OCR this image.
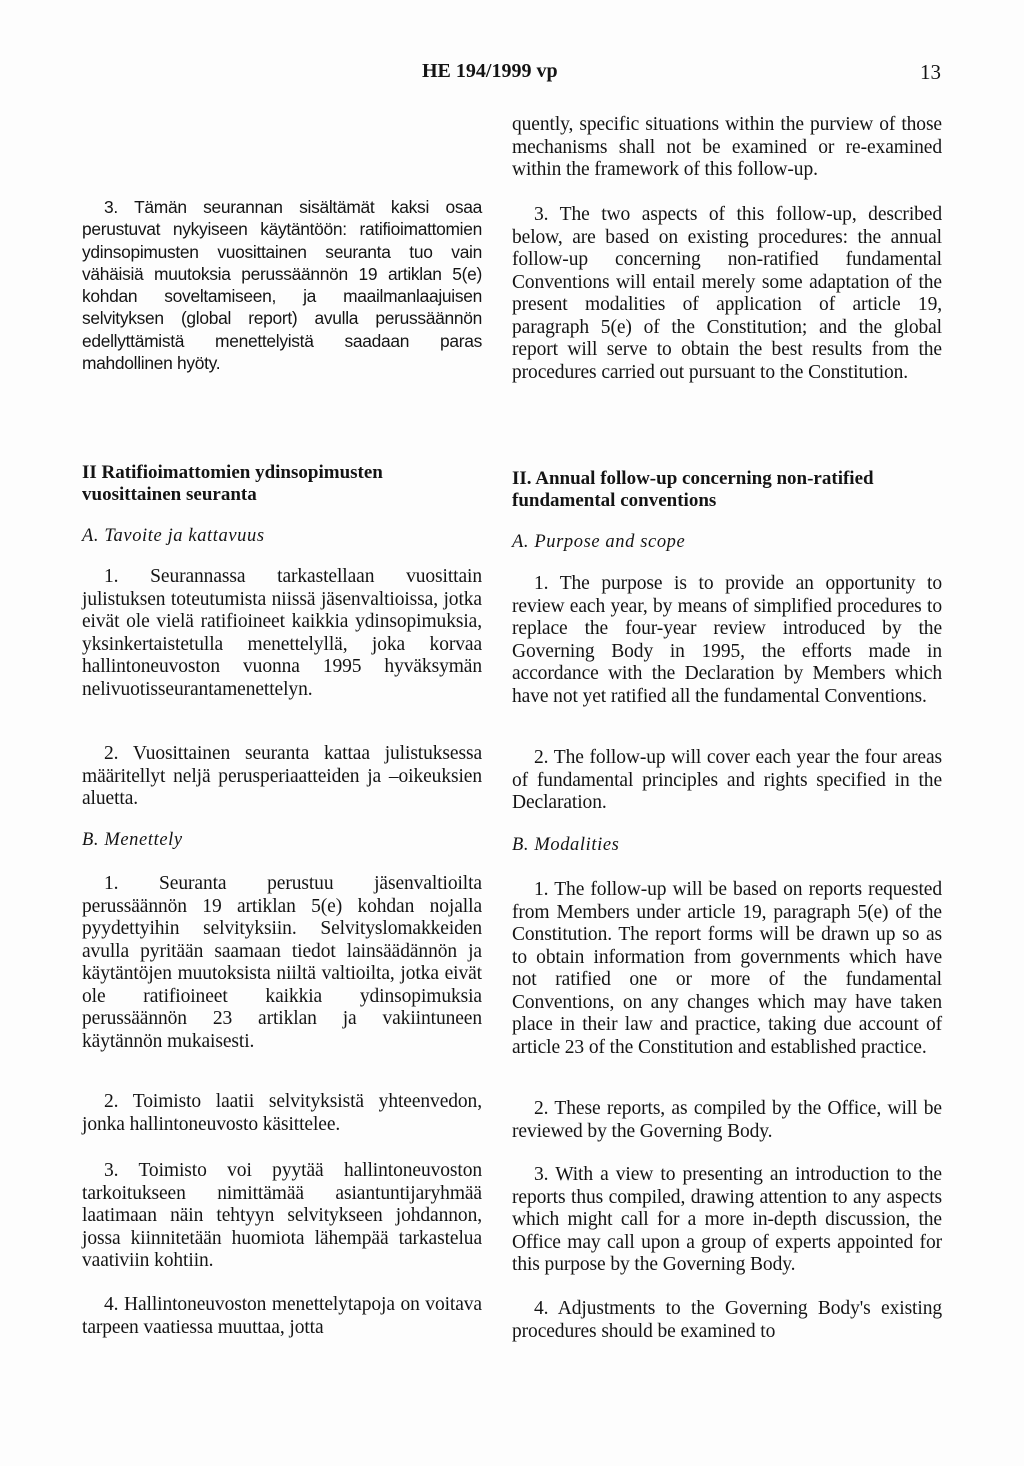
HE 194/1999 vp	13

3. Tämän seurannan sisältämät kaksi osaa perustuvat nykyiseen käytäntöön: ratifioimattomien ydinsopimusten vuosittainen seuranta tuo vain vähäisiä muutoksia perussäännön 19 artiklan 5(e) kohdan soveltamiseen, ja maailmanlaajuisen selvityksen (global report) avulla perussäännön edellyttämistä menettelyistä saadaan paras mahdollinen hyöty.

II Ratifioimattomien ydinsopimusten vuosittainen seuranta

A. Tavoite ja kattavuus

1. Seurannassa tarkastellaan vuosittain julistuksen toteutumista niissä jäsenvaltioissa, jotka eivät ole vielä ratifioineet kaikkia ydinsopimuksia, yksinkertaistetulla menettelyllä, joka korvaa hallintoneuvoston vuonna 1995 hyväksymän nelivuotisseurantamenettelyn.

2. Vuosittainen seuranta kattaa julistuksessa määritellyt neljä perusperiaatteiden ja –oikeuksien aluetta.

B. Menettely

1. Seuranta perustuu jäsenvaltioilta perussäännön 19 artiklan 5(e) kohdan nojalla pyydettyihin selvityksiin. Selvityslomakkeiden avulla pyritään saamaan tiedot lainsäädännön ja käytäntöjen muutoksista niiltä valtioilta, jotka eivät ole ratifioineet kaikkia ydinsopimuksia perussäännön 23 artiklan ja vakiintuneen käytännön mukaisesti.

2. Toimisto laatii selvityksistä yhteenvedon, jonka hallintoneuvosto käsittelee.

3. Toimisto voi pyytää hallintoneuvoston tarkoitukseen nimittämää asiantuntijaryhmää laatimaan näin tehtyyn selvitykseen johdannon, jossa kiinnitetään huomiota lähempää tarkastelua vaativiin kohtiin.

4. Hallintoneuvoston menettelytapoja on voitava tarpeen vaatiessa muuttaa, jotta

quently, specific situations within the purview of those mechanisms shall not be examined or re-examined within the framework of this follow-up.

3. The two aspects of this follow-up, described below, are based on existing procedures: the annual follow-up concerning non-ratified fundamental Conventions will entail merely some adaptation of the present modalities of application of article 19, paragraph 5(e) of the Constitution; and the global report will serve to obtain the best results from the procedures carried out pursuant to the Constitution.

II. Annual follow-up concerning non-ratified fundamental conventions

A. Purpose and scope

1. The purpose is to provide an opportunity to review each year, by means of simplified procedures to replace the four-year review introduced by the Governing Body in 1995, the efforts made in accordance with the Declaration by Members which have not yet ratified all the fundamental Conventions.

2. The follow-up will cover each year the four areas of fundamental principles and rights specified in the Declaration.

B. Modalities

1. The follow-up will be based on reports requested from Members under article 19, paragraph 5(e) of the Constitution. The report forms will be drawn up so as to obtain information from governments which have not ratified one or more of the fundamental Conventions, on any changes which may have taken place in their law and practice, taking due account of article 23 of the Constitution and established practice.

2. These reports, as compiled by the Office, will be reviewed by the Governing Body.

3. With a view to presenting an introduction to the reports thus compiled, drawing attention to any aspects which might call for a more in-depth discussion, the Office may call upon a group of experts appointed for this purpose by the Governing Body.

4. Adjustments to the Governing Body's existing procedures should be examined to
